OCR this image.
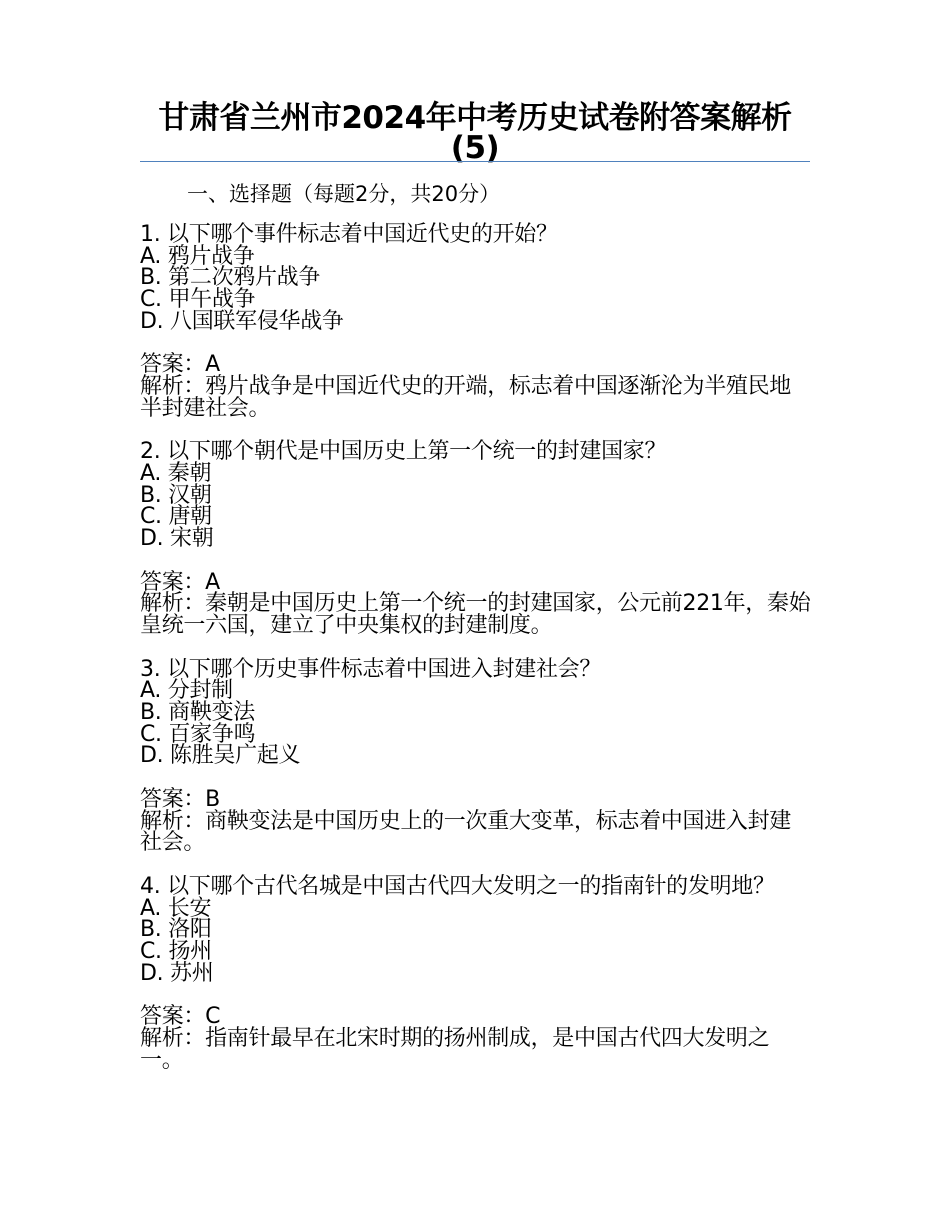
甘肃省兰州市2024年中考历史试卷附答案解析(5)

一、选择题（每题2分，共20分）

1. 以下哪个事件标志着中国近代史的开始？

A. 鸦片战争

B. 第二次鸦片战争

C. 甲午战争

D. 八国联军侵华战争

答案：A

解析：鸦片战争是中国近代史的开端，标志着中国逐渐沦为半殖民地半封建社会。

2. 以下哪个朝代是中国历史上第一个统一的封建国家？

A. 秦朝

B. 汉朝

C. 唐朝

D. 宋朝

答案：A

解析：秦朝是中国历史上第一个统一的封建国家，公元前221年，秦始皇统一六国，建立了中央集权的封建制度。

3. 以下哪个历史事件标志着中国进入封建社会？

A. 分封制

B. 商鞅变法

C. 百家争鸣

D. 陈胜吴广起义

答案：B

解析：商鞅变法是中国历史上的一次重大变革，标志着中国进入封建社会。

4. 以下哪个古代名城是中国古代四大发明之一的指南针的发明地？

A. 长安

B. 洛阳

C. 扬州

D. 苏州

答案：C

解析：指南针最早在北宋时期的扬州制成，是中国古代四大发明之一。
